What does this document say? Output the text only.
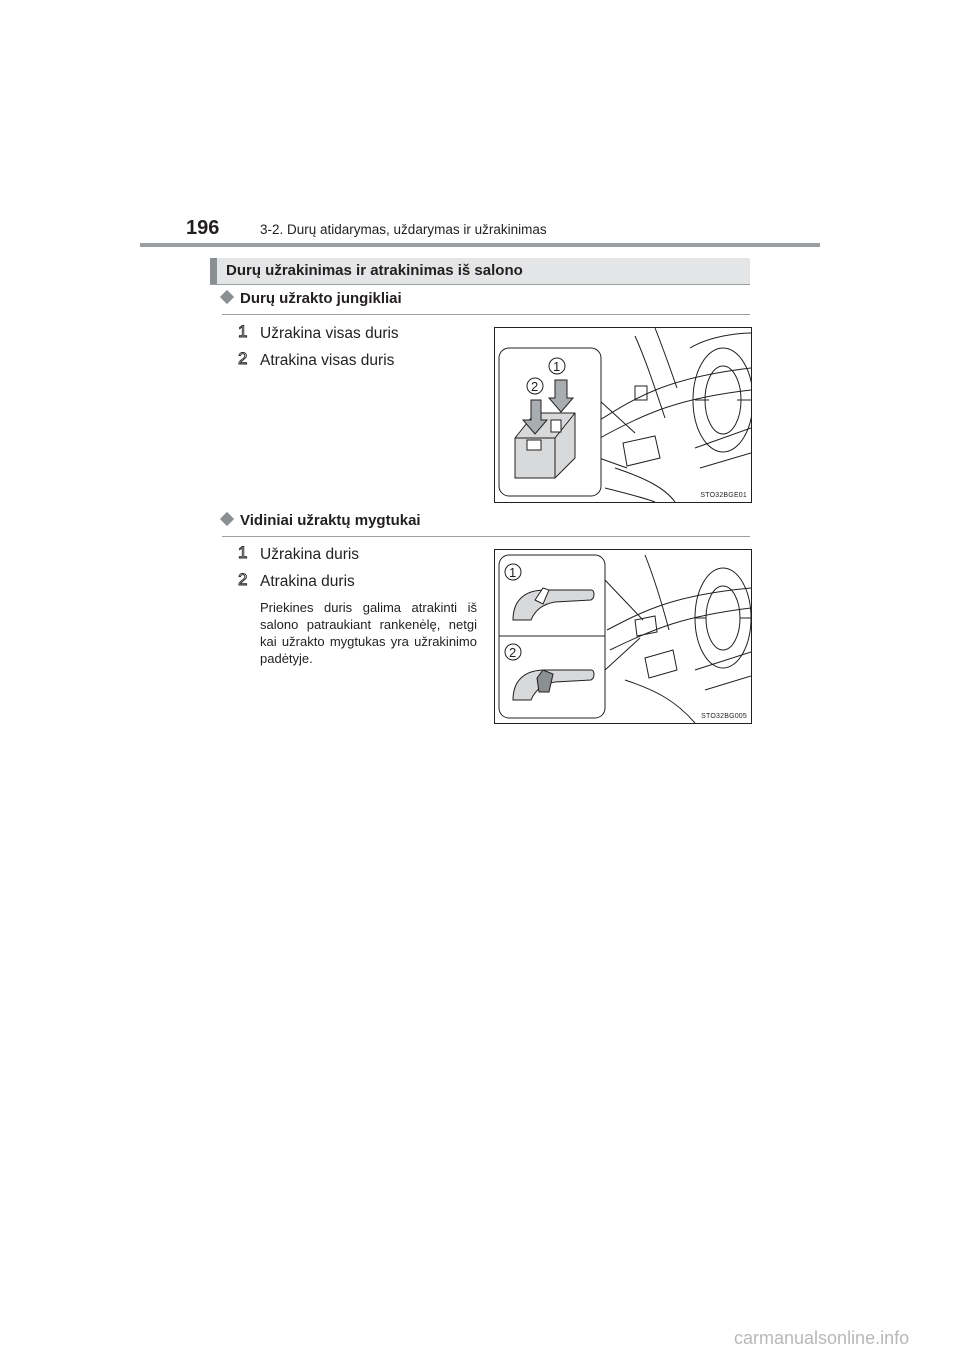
196	3-2. Durų atidarymas, uždarymas ir užrakinimas
Durų užrakinimas ir atrakinimas iš salono
Durų užrakto jungikliai
1 Užrakina visas duris
2 Atrakina visas duris	1
2
STO32BGE01
Vidiniai užraktų mygtukai
1 Užrakina duris
2 Atrakina duris
Priekines duris galima atrakinti iš salono patraukiant rankenėlę, netgi kai užrakto mygtukas yra užrakinimo padėtyje.
1
2
STO32BG005
carmanualsonline.info
